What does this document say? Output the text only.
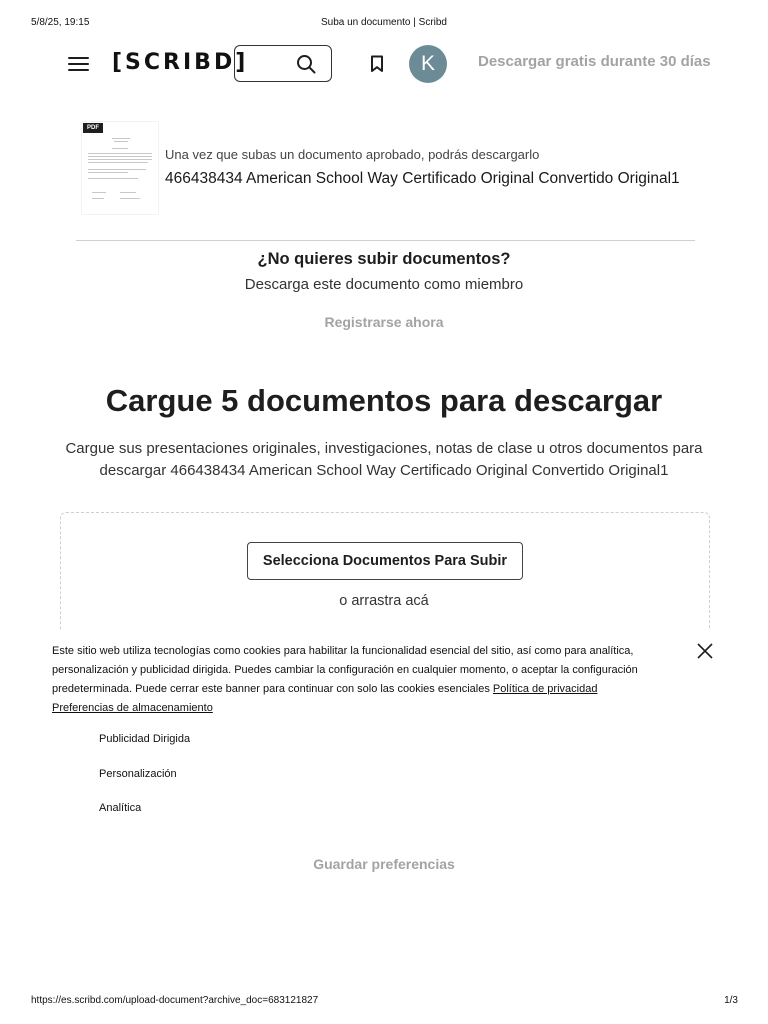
5/8/25, 19:15	Suba un documento | Scribd
https://es.scribd.com/upload-document?archive_doc=683121827	1/3
[SCRIBD]	K	Descargar gratis durante 30 días
PDF
Una vez que subas un documento aprobado, podrás descargarlo
466438434 American School Way Certificado Original Convertido Original1
¿No quieres subir documentos?
Descarga este documento como miembro
Registrarse ahora
Cargue 5 documentos para descargar
Cargue sus presentaciones originales, investigaciones, notas de clase u otros documentos para descargar 466438434 American School Way Certificado Original Convertido Original1
Selecciona Documentos Para Subir
o arrastra acá
Este sitio web utiliza tecnologías como cookies para habilitar la funcionalidad esencial del sitio, así como para analítica, personalización y publicidad dirigida. Puedes cambiar la configuración en cualquier momento, o aceptar la configuración predeterminada. Puede cerrar este banner para continuar con solo las cookies esenciales Política de privacidad
Preferencias de almacenamiento
Publicidad Dirigida
Personalización
Analítica
Guardar preferencias
